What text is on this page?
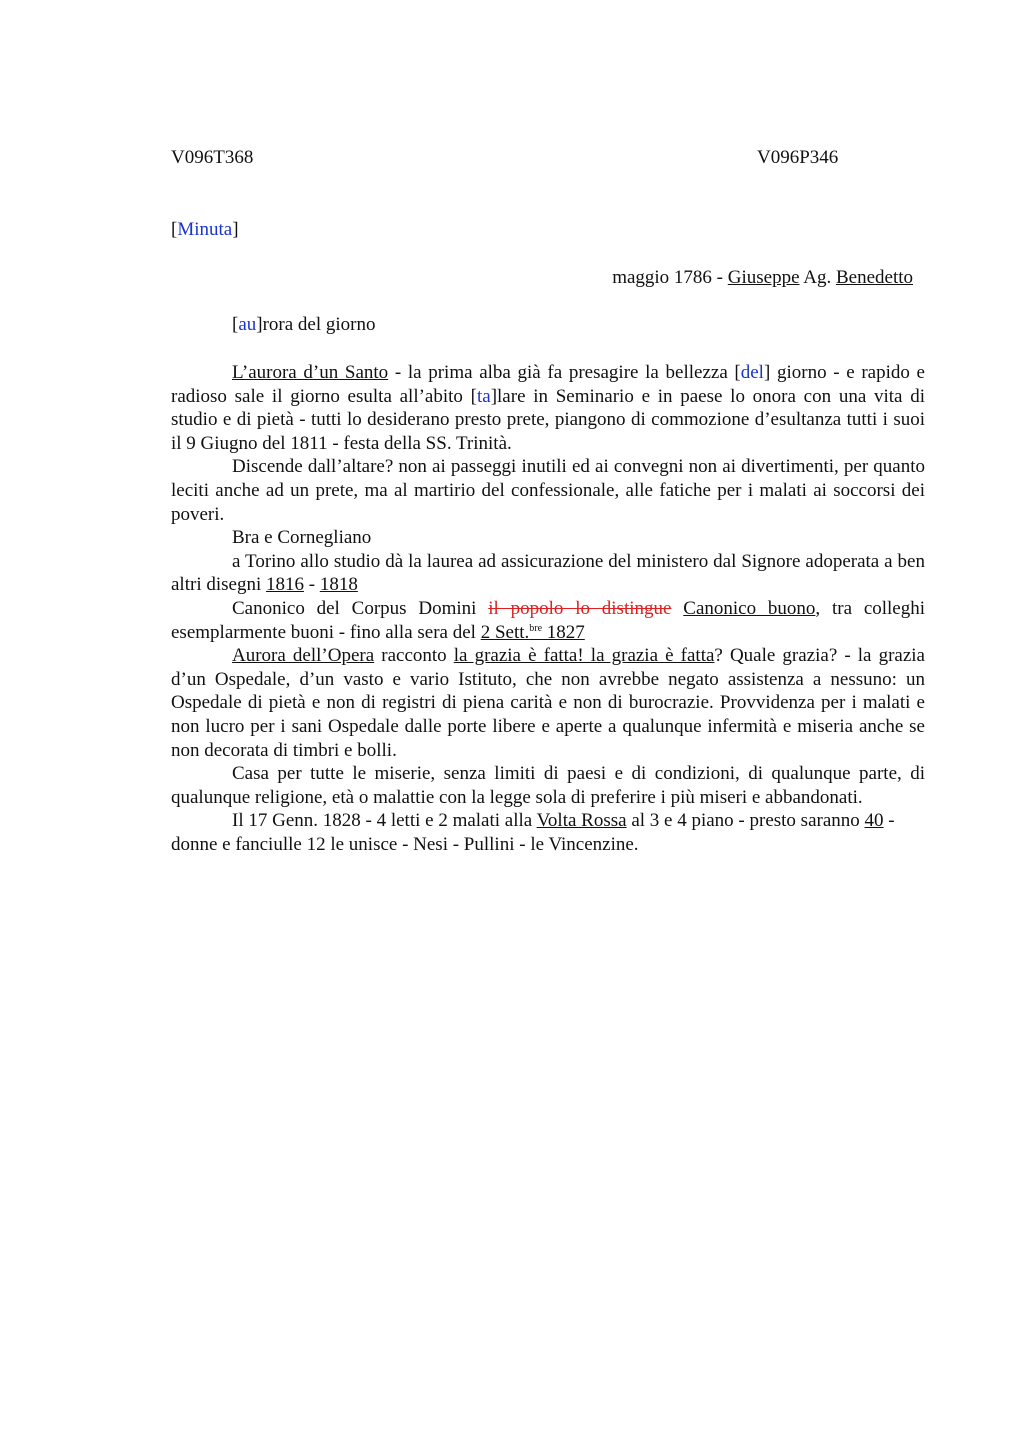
V096T368	V096P346
[Minuta]
maggio 1786 - Giuseppe Ag. Benedetto
[au]rora del giorno

L’aurora d’un Santo - la prima alba già fa presagire la bellezza [del] giorno - e rapido e radioso sale il giorno esulta all’abito [ta]lare in Seminario e in paese lo onora con una vita di studio e di pietà - tutti lo desiderano presto prete, piangono di commozione d’esultanza tutti i suoi il 9 Giugno del 1811 - festa della SS. Trinità.

Discende dall’altare? non ai passeggi inutili ed ai convegni non ai divertimenti, per quanto leciti anche ad un prete, ma al martirio del confessionale, alle fatiche per i malati ai soccorsi dei poveri.

Bra e Cornegliano

a Torino allo studio dà la laurea ad assicurazione del ministero dal Signore adoperata a ben altri disegni 1816 - 1818

Canonico del Corpus Domini il popolo lo distingue Canonico buono, tra colleghi esemplarmente buoni - fino alla sera del 2 Sett.$^{bre}$ 1827

Aurora dell’Opera racconto la grazia è fatta! la grazia è fatta? Quale grazia? - la grazia d’un Ospedale, d’un vasto e vario Istituto, che non avrebbe negato assistenza a nessuno: un Ospedale di pietà e non di registri di piena carità e non di burocrazie. Provvidenza per i malati e non lucro per i sani Ospedale dalle porte libere e aperte a qualunque infermità e miseria anche se non decorata di timbri e bolli.

Casa per tutte le miserie, senza limiti di paesi e di condizioni, di qualunque parte, di qualunque religione, età o malattie con la legge sola di preferire i più miseri e abbandonati.

Il 17 Genn. 1828 - 4 letti e 2 malati alla Volta Rossa al 3 e 4 piano - presto saranno 40 - donne e fanciulle 12 le unisce - Nesi - Pullini - le Vincenzine.
